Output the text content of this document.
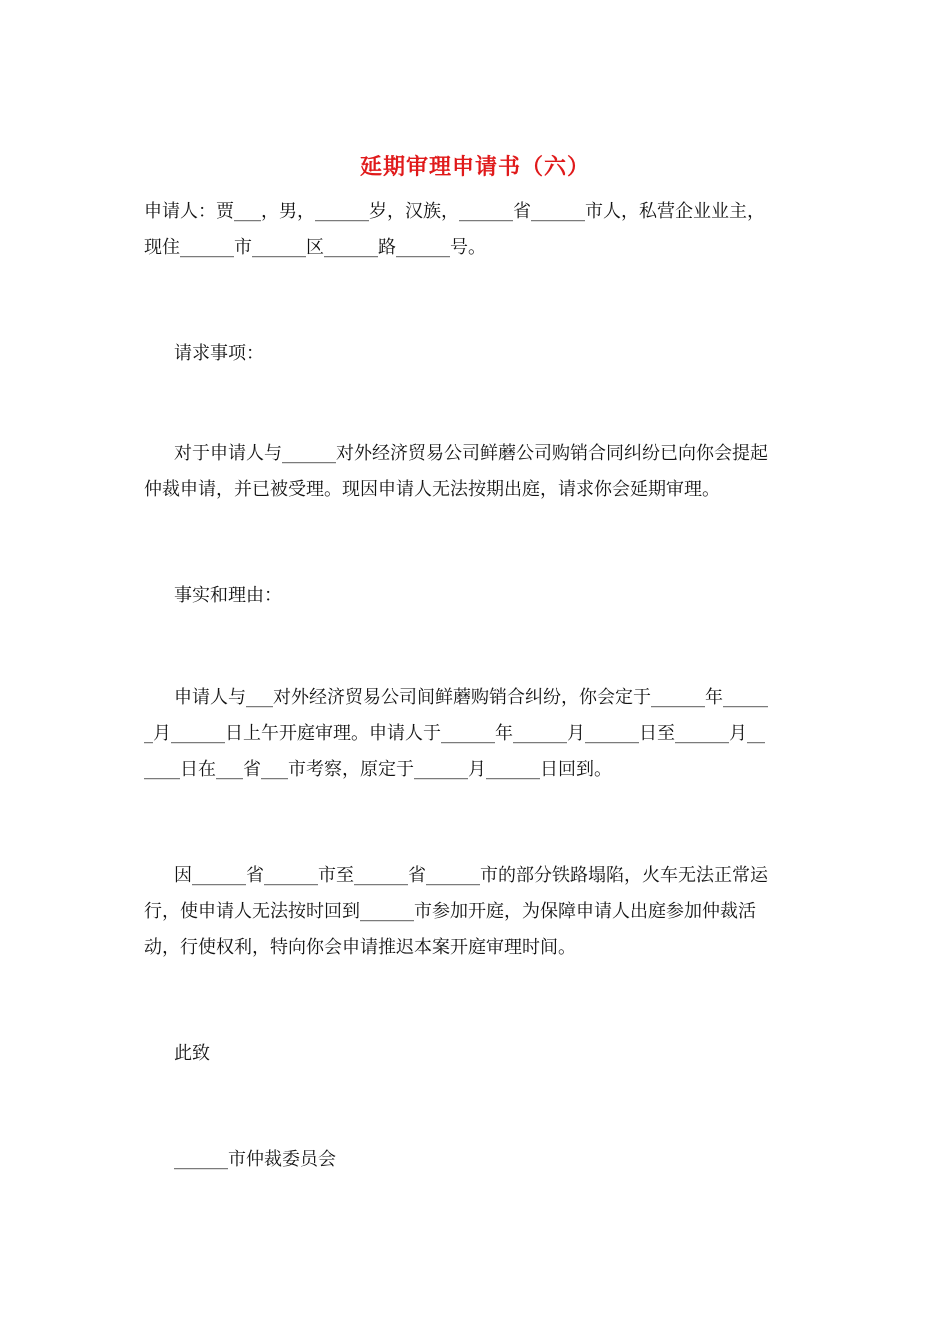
延期审理申请书（六）
申请人：贾___，男，______岁，汉族，______省______市人，私营企业业主，
现住______市______区______路______号。
请求事项：
对于申请人与______对外经济贸易公司鲜蘑公司购销合同纠纷已向你会提起
仲裁申请，并已被受理。现因申请人无法按期出庭，请求你会延期审理。
事实和理由：
申请人与___对外经济贸易公司间鲜蘑购销合纠纷，你会定于______年_____
_月______日上午开庭审理。申请人于______年______月______日至______月__
____日在___省___市考察，原定于______月______日回到。
因______省______市至______省______市的部分铁路塌陷，火车无法正常运
行，使申请人无法按时回到______市参加开庭，为保障申请人出庭参加仲裁活
动，行使权利，特向你会申请推迟本案开庭审理时间。
此致
______市仲裁委员会
